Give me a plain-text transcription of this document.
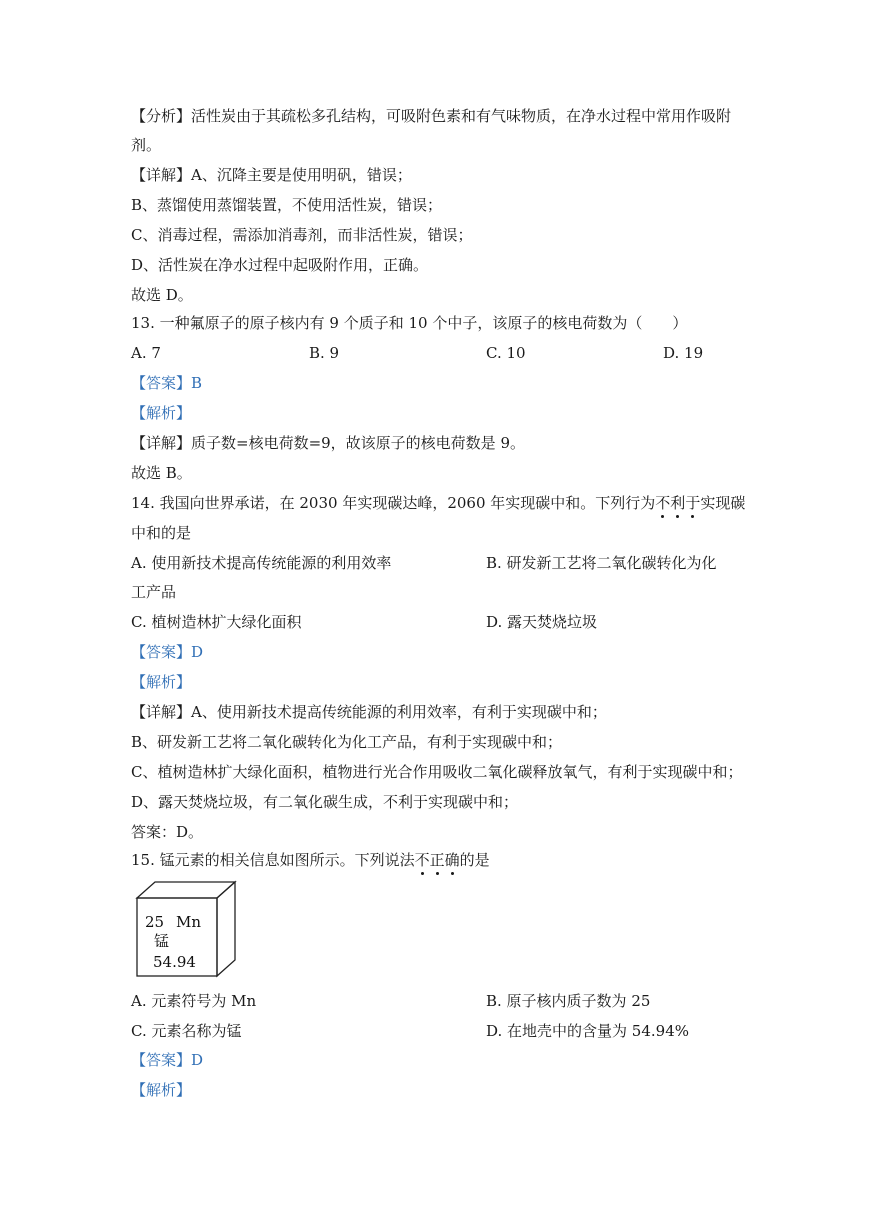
【分析】活性炭由于其疏松多孔结构，可吸附色素和有气味物质，在净水过程中常用作吸附
剂。
【详解】A、沉降主要是使用明矾，错误；
B、蒸馏使用蒸馏装置，不使用活性炭，错误；
C、消毒过程，需添加消毒剂，而非活性炭，错误；
D、活性炭在净水过程中起吸附作用，正确。
故选 D。
13. 一种氟原子的原子核内有 9 个质子和 10 个中子，该原子的核电荷数为（　　）
A. 7	B. 9	C. 10	D. 19
【答案】B
【解析】
【详解】质子数=核电荷数=9，故该原子的核电荷数是 9。
故选 B。
14. 我国向世界承诺，在 2030 年实现碳达峰，2060 年实现碳中和。下列行为不利于实现碳
中和的是
A. 使用新技术提高传统能源的利用效率	B. 研发新工艺将二氧化碳转化为化
工产品
C. 植树造林扩大绿化面积	D. 露天焚烧垃圾
【答案】D
【解析】
【详解】A、使用新技术提高传统能源的利用效率，有利于实现碳中和；
B、研发新工艺将二氧化碳转化为化工产品，有利于实现碳中和；
C、植树造林扩大绿化面积，植物进行光合作用吸收二氧化碳释放氧气，有利于实现碳中和；
D、露天焚烧垃圾，有二氧化碳生成，不利于实现碳中和；
答案：D。
15. 锰元素的相关信息如图所示。下列说法不正确的是
25 Mn
锰
54.94
A. 元素符号为 Mn	B. 原子核内质子数为 25
C. 元素名称为锰	D. 在地壳中的含量为 54.94%
【答案】D
【解析】
